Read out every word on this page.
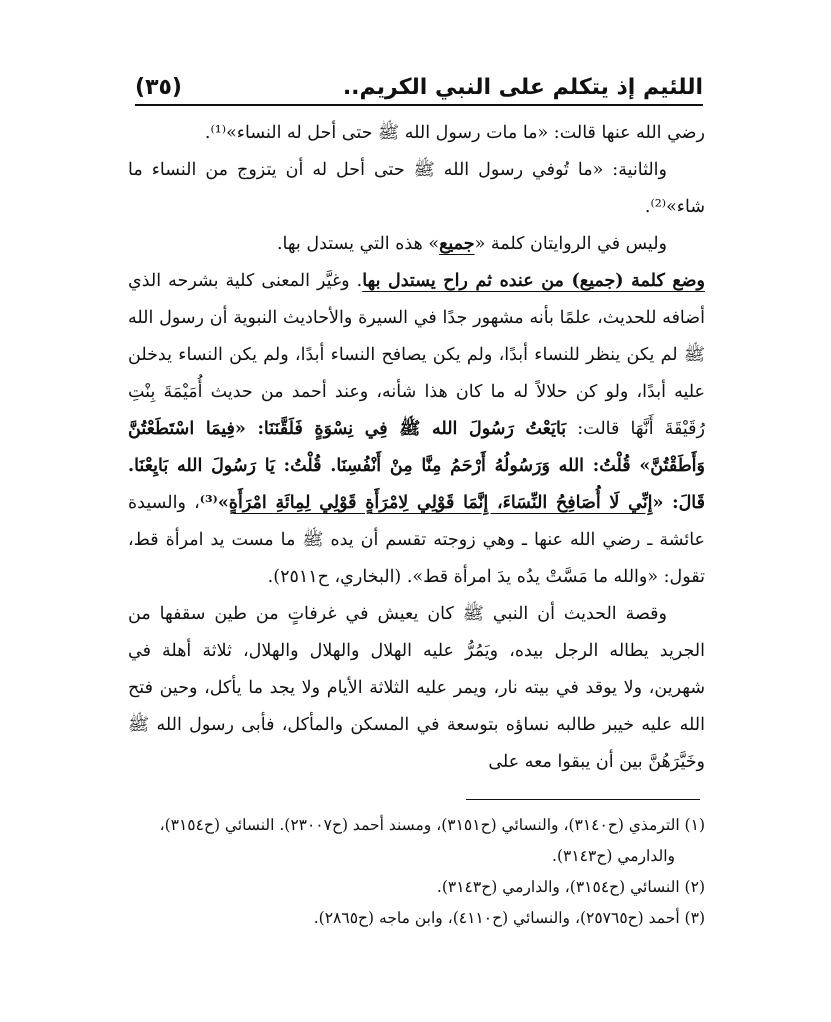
اللئيم إذ يتكلم على النبي الكريم..
(٣٥)

رضي الله عنها قالت: «ما مات رسول الله ﷺ حتى أحل له النساء»⁽¹⁾.

والثانية: «ما تُوفي رسول الله ﷺ حتى أحل له أن يتزوج من النساء ما شاء»⁽²⁾.

وليس في الروايتان كلمة «جميع» هذه التي يستدل بها.

وضع كلمة (جميع) من عنده ثم راح يستدل بها. وغيَّر المعنى كلية بشرحه الذي أضافه للحديث، علمًا بأنه مشهور جدًا في السيرة والأحاديث النبوية أن رسول الله ﷺ لم يكن ينظر للنساء أبدًا، ولم يكن يصافح النساء أبدًا، ولم يكن النساء يدخلن عليه أبدًا، ولو كن حلالاً له ما كان هذا شأنه، وعند أحمد من حديث أُمَيْمَةَ بِنْتِ رُقَيْقَةَ أَنَّهَا قالت: بَايَعْتُ رَسُولَ الله ﷺ فِي نِسْوَةٍ فَلَقَّنَنَا: «فِيمَا اسْتَطَعْتُنَّ وَأَطَقْتُنَّ» قُلْتُ: الله وَرَسُولُهُ أَرْحَمُ مِنَّا مِنْ أَنْفُسِنَا. قُلْتُ: يَا رَسُولَ الله بَايِعْنَا. قَالَ: «إِنِّي لَا أُصَافِحُ النِّسَاءَ، إِنَّمَا قَوْلِي لِامْرَأَةٍ قَوْلِي لِمِائَةِ امْرَأَةٍ»⁽³⁾، والسيدة عائشة ـ رضي الله عنها ـ وهي زوجته تقسم أن يده ﷺ ما مست يد امرأة قط، تقول: «والله ما مَسَّتْ يدُه يدَ امرأة قط». (البخاري، ح٢٥١١).

وقصة الحديث أن النبي ﷺ كان يعيش في غرفاتٍ من طين سقفها من الجريد يطاله الرجل بيده، ويَمُرُّ عليه الهلال والهلال والهلال، ثلاثة أهلة في شهرين، ولا يوقد في بيته نار، ويمر عليه الثلاثة الأيام ولا يجد ما يأكل، وحين فتح الله عليه خيبر طالبه نساؤه بتوسعة في المسكن والمأكل، فأبى رسول الله ﷺ وخَيَّرَهُنَّ بين أن يبقوا معه على

(١) الترمذي (ح٣١٤٠)، والنسائي (ح٣١٥١)، ومسند أحمد (ح٢٣٠٠٧). النسائي (ح٣١٥٤)،

والدارمي (ح٣١٤٣).

(٢) النسائي (ح٣١٥٤)، والدارمي (ح٣١٤٣).

(٣) أحمد (ح٢٥٧٦٥)، والنسائي (ح٤١١٠)، وابن ماجه (ح٢٨٦٥).
